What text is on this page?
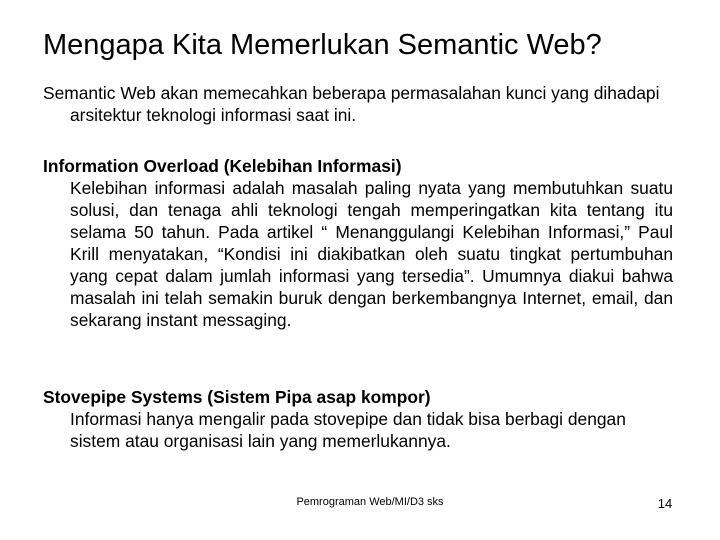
Mengapa Kita Memerlukan Semantic Web?

Semantic Web akan memecahkan beberapa permasalahan kunci yang dihadapi arsitektur teknologi informasi saat ini.

Information Overload (Kelebihan Informasi)

Kelebihan informasi adalah masalah paling nyata yang membutuhkan suatu solusi, dan tenaga ahli teknologi tengah memperingatkan kita tentang itu selama 50 tahun. Pada artikel “ Menanggulangi Kelebihan Informasi,” Paul Krill menyatakan, “Kondisi ini diakibatkan oleh suatu tingkat pertumbuhan yang cepat dalam jumlah informasi yang tersedia”. Umumnya diakui bahwa masalah ini telah semakin buruk dengan berkembangnya Internet, email, dan sekarang instant messaging.

Stovepipe Systems (Sistem Pipa asap kompor)

Informasi hanya mengalir pada stovepipe dan tidak bisa berbagi dengan sistem atau organisasi lain yang memerlukannya.

Pemrograman Web/MI/D3 sks	14
